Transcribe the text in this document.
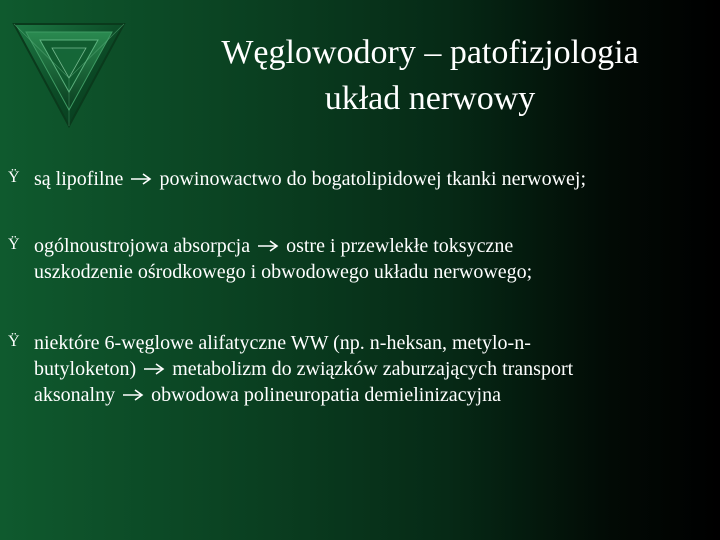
Węglowodory – patofizjologia
układ nerwowy
Ÿ są lipofilne  powinowactwo do bogatolipidowej tkanki nerwowej;
Ÿ ogólnoustrojowa absorpcja  ostre i przewlekłe toksyczne
uszkodzenie ośrodkowego i obwodowego układu nerwowego;
Ÿ niektóre 6-węglowe alifatyczne WW (np. n-heksan, metylo-n-
butyloketon)  metabolizm do związków zaburzających transport
aksonalny  obwodowa polineuropatia demielinizacyjna
